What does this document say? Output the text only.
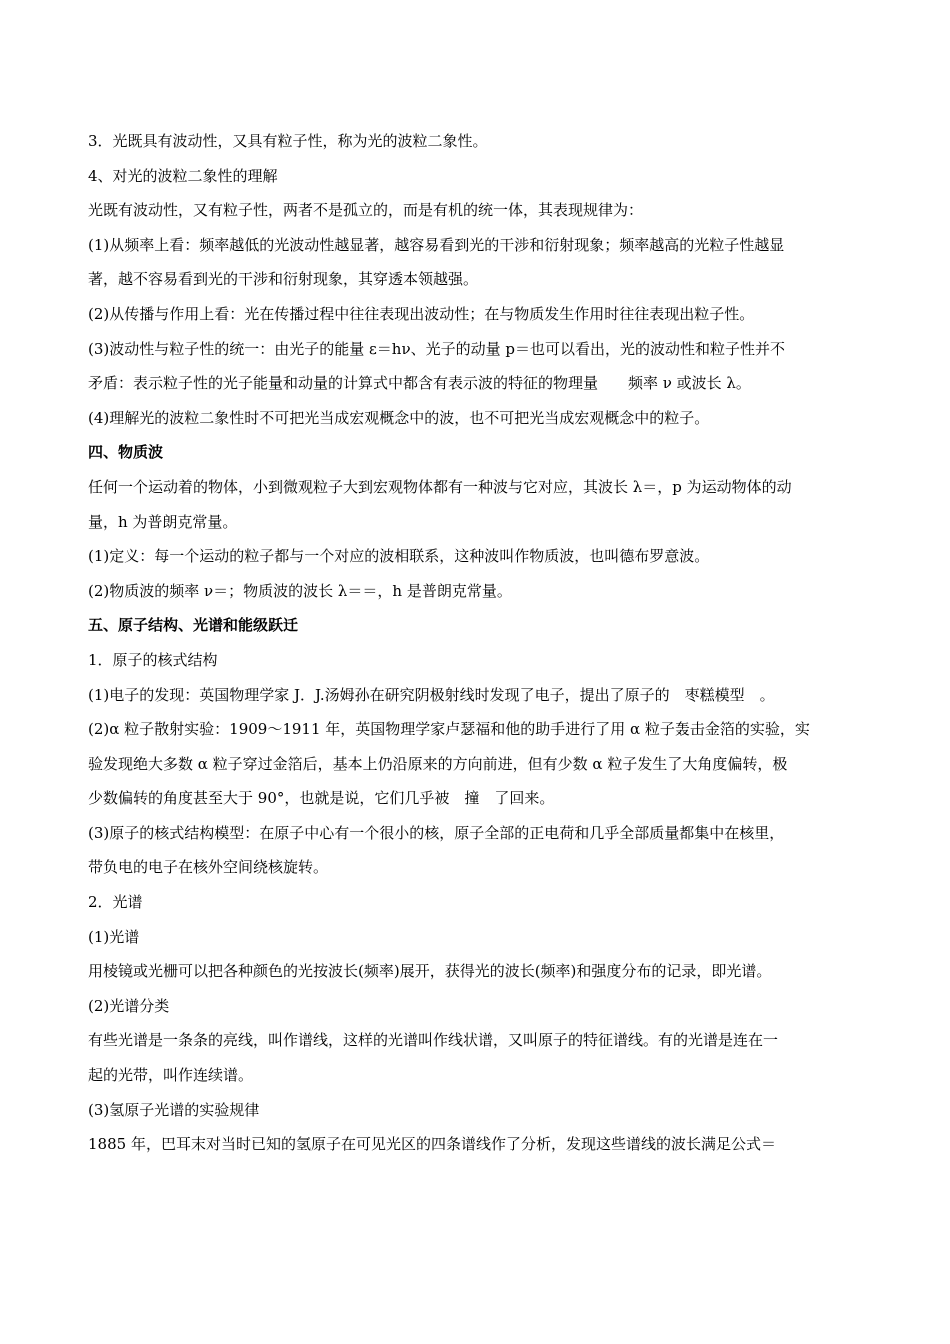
3．光既具有波动性，又具有粒子性，称为光的波粒二象性。

4、对光的波粒二象性的理解

光既有波动性，又有粒子性，两者不是孤立的，而是有机的统一体，其表现规律为：

(1)从频率上看：频率越低的光波动性越显著，越容易看到光的干涉和衍射现象；频率越高的光粒子性越显

著，越不容易看到光的干涉和衍射现象，其穿透本领越强。

(2)从传播与作用上看：光在传播过程中往往表现出波动性；在与物质发生作用时往往表现出粒子性。

(3)波动性与粒子性的统一：由光子的能量 ε＝hν、光子的动量 p＝也可以看出，光的波动性和粒子性并不

矛盾：表示粒子性的光子能量和动量的计算式中都含有表示波的特征的物理量　　频率 ν 或波长 λ。

(4)理解光的波粒二象性时不可把光当成宏观概念中的波，也不可把光当成宏观概念中的粒子。

四、物质波

任何一个运动着的物体，小到微观粒子大到宏观物体都有一种波与它对应，其波长 λ＝，p 为运动物体的动

量，h 为普朗克常量。

(1)定义：每一个运动的粒子都与一个对应的波相联系，这种波叫作物质波，也叫德布罗意波。

(2)物质波的频率 ν＝；物质波的波长 λ＝＝，h 是普朗克常量。

五、原子结构、光谱和能级跃迁

1．原子的核式结构

(1)电子的发现：英国物理学家 J．J.汤姆孙在研究阴极射线时发现了电子，提出了原子的　枣糕模型　。

(2)α 粒子散射实验：1909～1911 年，英国物理学家卢瑟福和他的助手进行了用 α 粒子轰击金箔的实验，实

验发现绝大多数 α 粒子穿过金箔后，基本上仍沿原来的方向前进，但有少数 α 粒子发生了大角度偏转，极

少数偏转的角度甚至大于 90°，也就是说，它们几乎被　撞　了回来。

(3)原子的核式结构模型：在原子中心有一个很小的核，原子全部的正电荷和几乎全部质量都集中在核里，

带负电的电子在核外空间绕核旋转。

2．光谱

(1)光谱

用棱镜或光栅可以把各种颜色的光按波长(频率)展开，获得光的波长(频率)和强度分布的记录，即光谱。

(2)光谱分类

有些光谱是一条条的亮线，叫作谱线，这样的光谱叫作线状谱，又叫原子的特征谱线。有的光谱是连在一

起的光带，叫作连续谱。

(3)氢原子光谱的实验规律

1885 年，巴耳末对当时已知的氢原子在可见光区的四条谱线作了分析，发现这些谱线的波长满足公式＝
